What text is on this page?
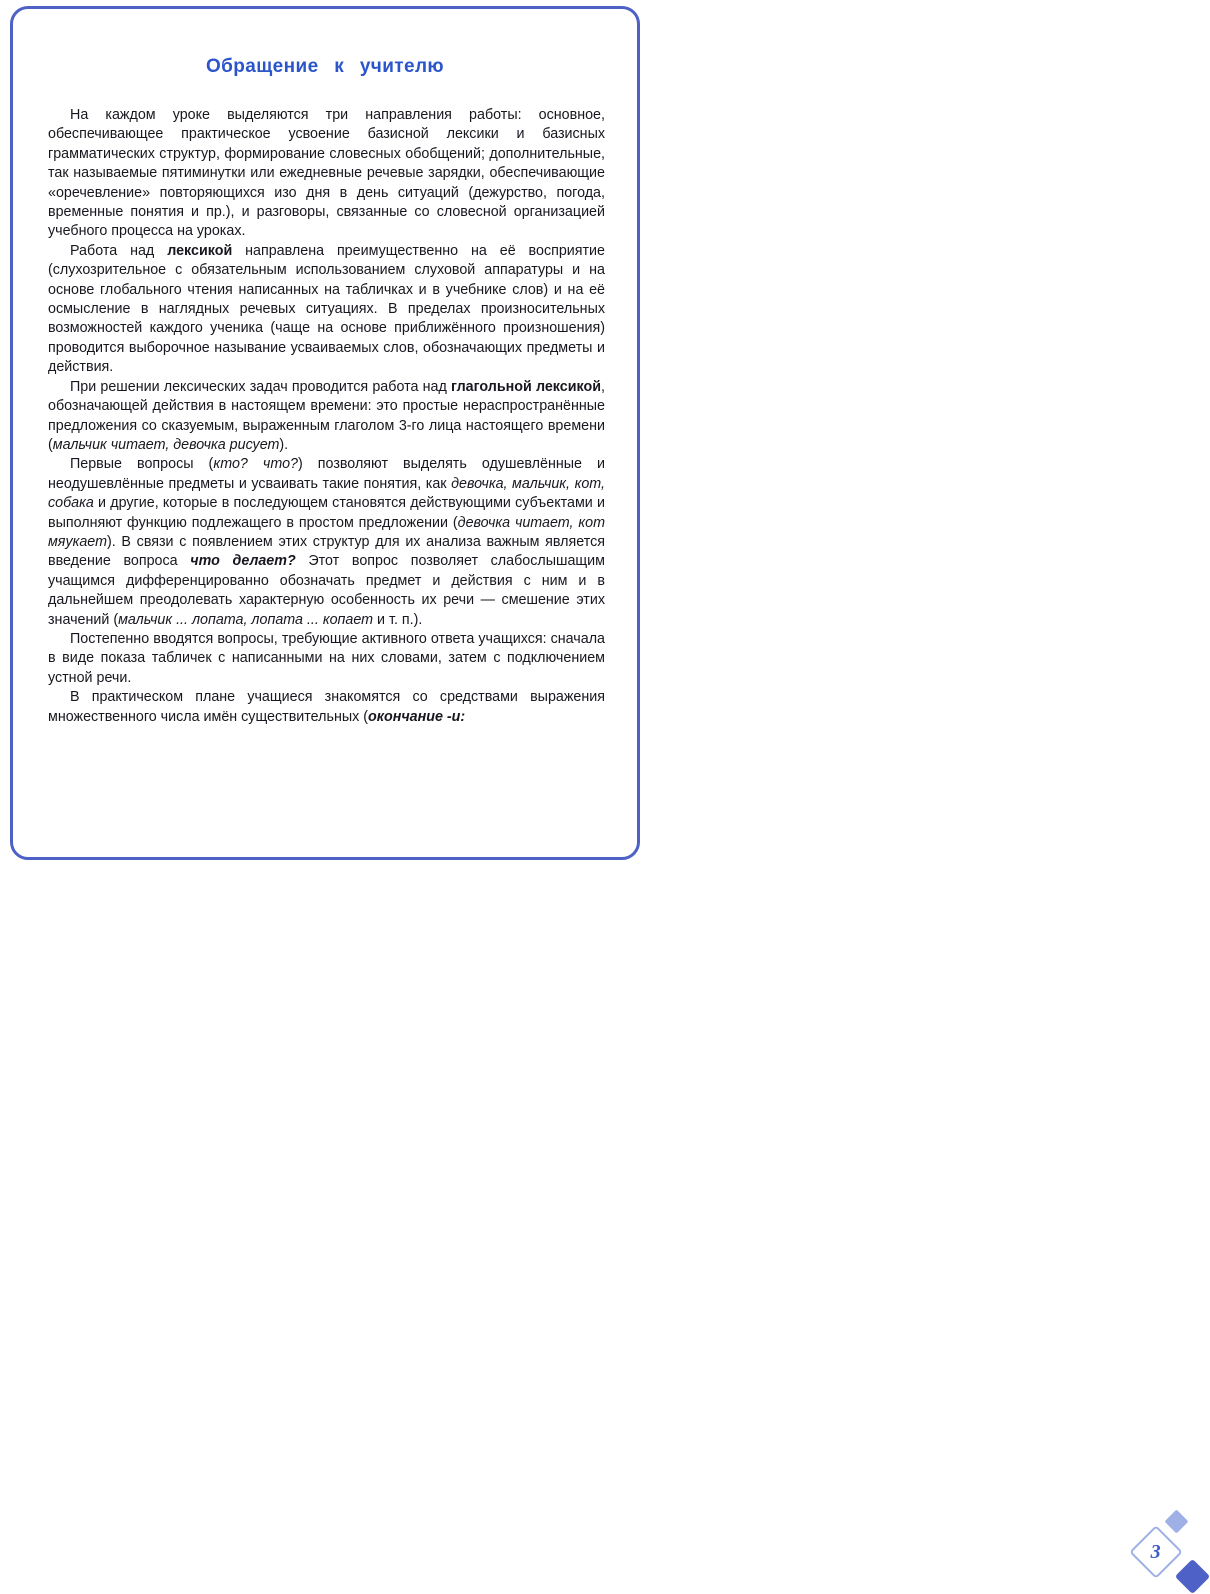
Обращение к учителю

На каждом уроке выделяются три направления работы: основное, обеспечивающее практическое усвоение базисной лексики и базисных грамматических структур, формирование словесных обобщений; дополнительные, так называемые пятиминутки или ежедневные речевые зарядки, обеспечивающие «оречевление» повторяющихся изо дня в день ситуаций (дежурство, погода, временные понятия и пр.), и разговоры, связанные со словесной организацией учебного процесса на уроках.

Работа над лексикой направлена преимущественно на её восприятие (слухозрительное с обязательным использованием слуховой аппаратуры и на основе глобального чтения написанных на табличках и в учебнике слов) и на её осмысление в наглядных речевых ситуациях. В пределах произносительных возможностей каждого ученика (чаще на основе приближённого произношения) проводится выборочное называние усваиваемых слов, обозначающих предметы и действия.

При решении лексических задач проводится работа над глагольной лексикой, обозначающей действия в настоящем времени: это простые нераспространённые предложения со сказуемым, выраженным глаголом 3-го лица настоящего времени (мальчик читает, девочка рисует).

Первые вопросы (кто? что?) позволяют выделять одушевлённые и неодушевлённые предметы и усваивать такие понятия, как девочка, мальчик, кот, собака и другие, которые в последующем становятся действующими субъектами и выполняют функцию подлежащего в простом предложении (девочка читает, кот мяукает). В связи с появлением этих структур для их анализа важным является введение вопроса что делает? Этот вопрос позволяет слабослышащим учащимся дифференцированно обозначать предмет и действия с ним и в дальнейшем преодолевать характерную особенность их речи — смешение этих значений (мальчик ... лопата, лопата ... копает и т. п.).

Постепенно вводятся вопросы, требующие активного ответа учащихся: сначала в виде показа табличек с написанными на них словами, затем с подключением устной речи.

В практическом плане учащиеся знакомятся со средствами выражения множественного числа имён существительных (окончание -и:

3
